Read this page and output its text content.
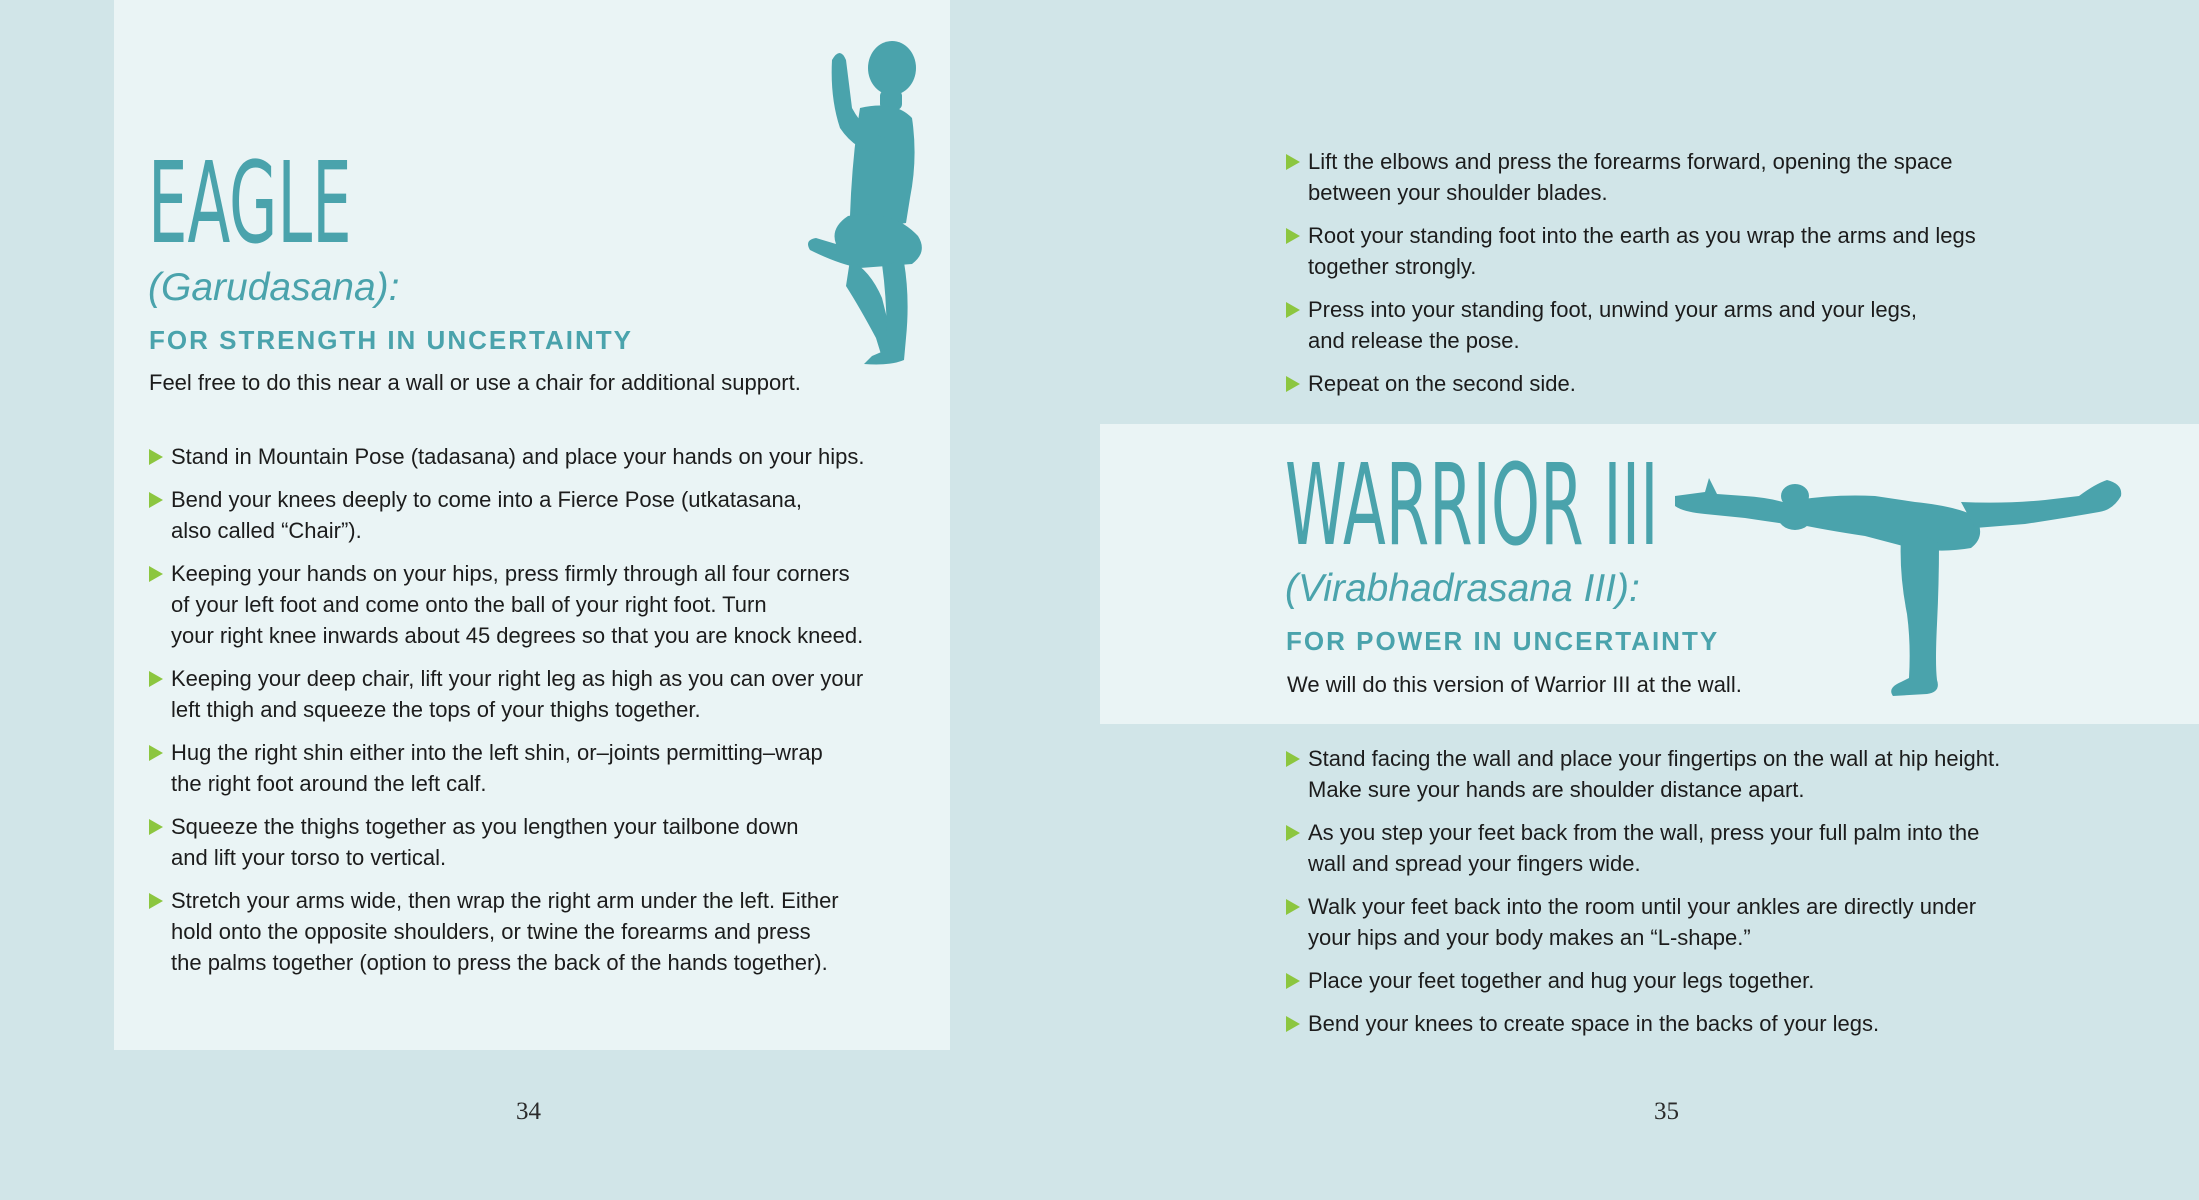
EAGLE

(Garudasana):

FOR STRENGTH IN UNCERTAINTY

Feel free to do this near a wall or use a chair for additional support.

Stand in Mountain Pose (tadasana) and place your hands on your hips.
Bend your knees deeply to come into a Fierce Pose (utkatasana,
also called “Chair”).
Keeping your hands on your hips, press firmly through all four corners
of your left foot and come onto the ball of your right foot. Turn
your right knee inwards about 45 degrees so that you are knock kneed.
Keeping your deep chair, lift your right leg as high as you can over your
left thigh and squeeze the tops of your thighs together.
Hug the right shin either into the left shin, or–joints permitting–wrap
the right foot around the left calf.
Squeeze the thighs together as you lengthen your tailbone down
and lift your torso to vertical.
Stretch your arms wide, then wrap the right arm under the left. Either
hold onto the opposite shoulders, or twine the forearms and press
the palms together (option to press the back of the hands together).
34
Lift the elbows and press the forearms forward, opening the space
between your shoulder blades.
Root your standing foot into the earth as you wrap the arms and legs
together strongly.
Press into your standing foot, unwind your arms and your legs,
and release the pose.
Repeat on the second side.
WARRIOR III

(Virabhadrasana III):

FOR POWER IN UNCERTAINTY

We will do this version of Warrior III at the wall.

Stand facing the wall and place your fingertips on the wall at hip height.
Make sure your hands are shoulder distance apart.
As you step your feet back from the wall, press your full palm into the
wall and spread your fingers wide.
Walk your feet back into the room until your ankles are directly under
your hips and your body makes an “L-shape.”
Place your feet together and hug your legs together.
Bend your knees to create space in the backs of your legs.
35
